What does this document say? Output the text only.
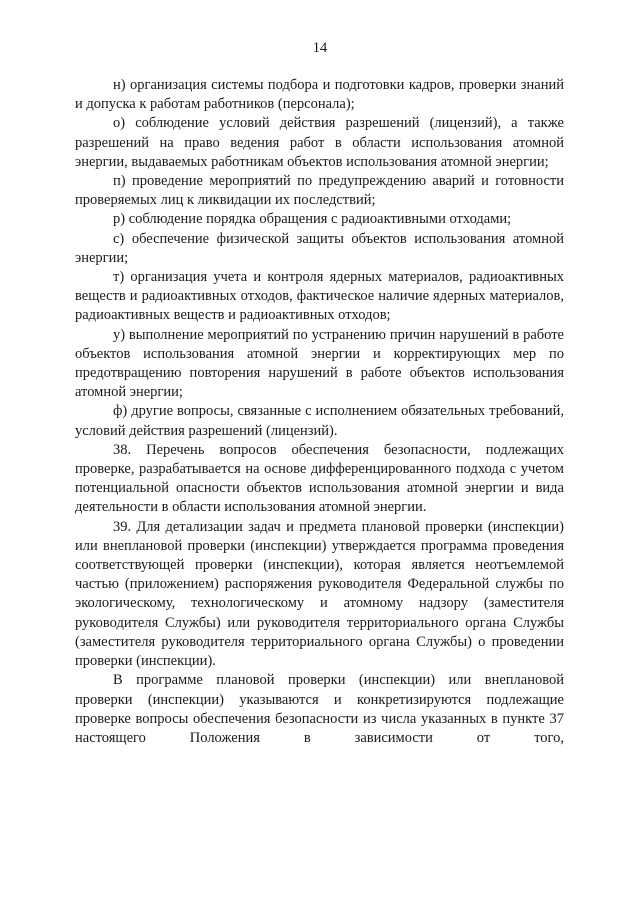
14

н) организация системы подбора и подготовки кадров, проверки знаний и допуска к работам работников (персонала);

о) соблюдение условий действия разрешений (лицензий), а также разрешений на право ведения работ в области использования атомной энергии, выдаваемых работникам объектов использования атомной энергии;

п) проведение мероприятий по предупреждению аварий и готовности проверяемых лиц к ликвидации их последствий;

р) соблюдение порядка обращения с радиоактивными отходами;

с) обеспечение физической защиты объектов использования атомной энергии;

т) организация учета и контроля ядерных материалов, радиоактивных веществ и радиоактивных отходов, фактическое наличие ядерных материалов, радиоактивных веществ и радиоактивных отходов;

у) выполнение мероприятий по устранению причин нарушений в работе объектов использования атомной энергии и корректирующих мер по предотвращению повторения нарушений в работе объектов использования атомной энергии;

ф) другие вопросы, связанные с исполнением обязательных требований, условий действия разрешений (лицензий).

38. Перечень вопросов обеспечения безопасности, подлежащих проверке, разрабатывается на основе дифференцированного подхода с учетом потенциальной опасности объектов использования атомной энергии и вида деятельности в области использования атомной энергии.

39. Для детализации задач и предмета плановой проверки (инспекции) или внеплановой проверки (инспекции) утверждается программа проведения соответствующей проверки (инспекции), которая является неотъемлемой частью (приложением) распоряжения руководителя Федеральной службы по экологическому, технологическому и атомному надзору (заместителя руководителя Службы) или руководителя территориального органа Службы (заместителя руководителя территориального органа Службы) о проведении проверки (инспекции).

В программе плановой проверки (инспекции) или внеплановой проверки (инспекции) указываются и конкретизируются подлежащие проверке вопросы обеспечения безопасности из числа указанных в пункте 37 настоящего Положения в зависимости от того,
